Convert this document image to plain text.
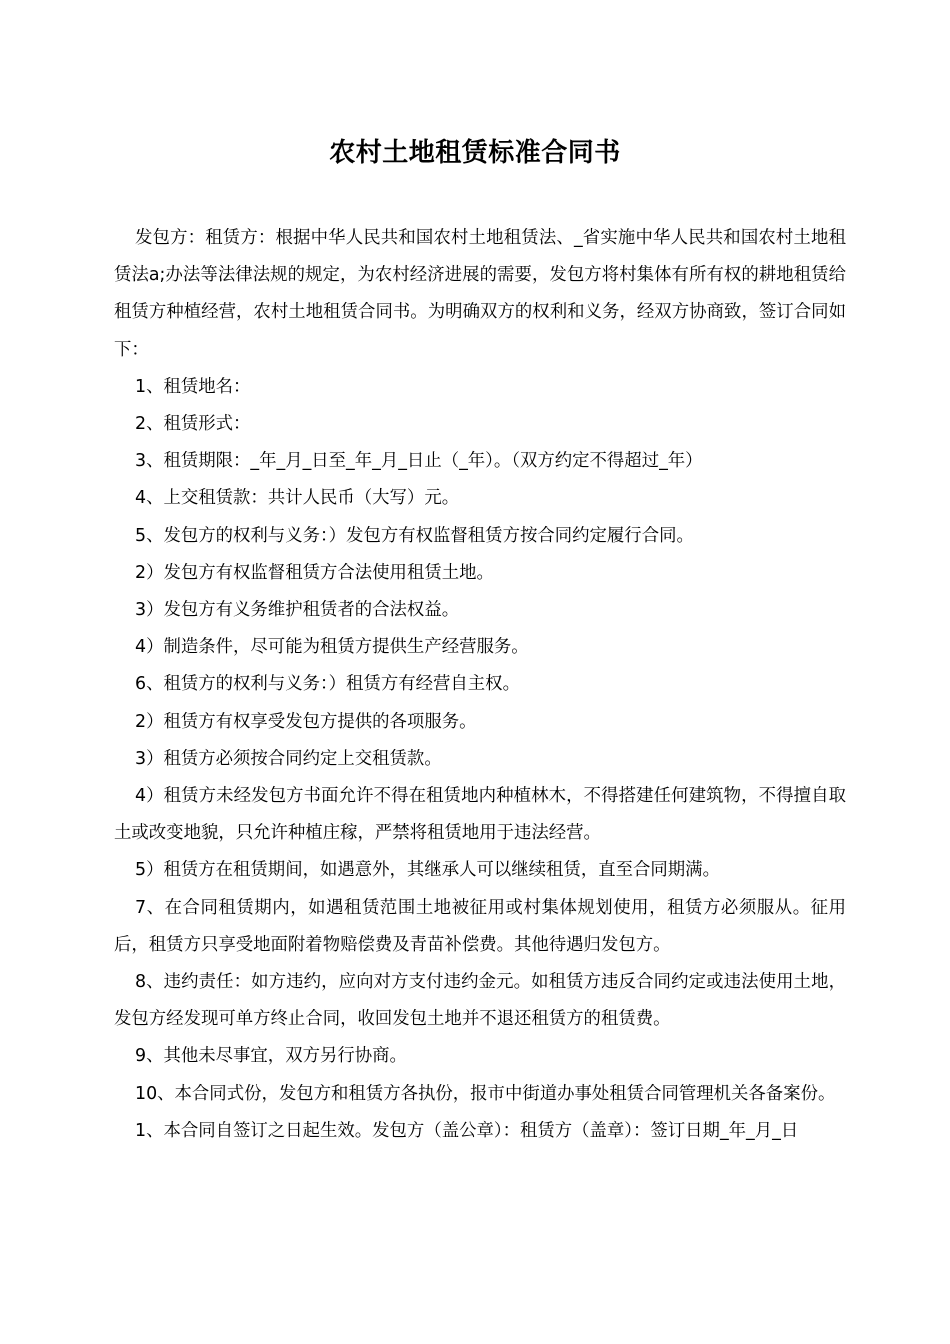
农村土地租赁标准合同书

发包方：租赁方：根据中华人民共和国农村土地租赁法、_省实施中华人民共和国农村土地租赁法a;办法等法律法规的规定，为农村经济进展的需要，发包方将村集体有所有权的耕地租赁给租赁方种植经营，农村土地租赁合同书。为明确双方的权利和义务，经双方协商致，签订合同如下：

1、租赁地名：

2、租赁形式：

3、租赁期限：_年_月_日至_年_月_日止（_年）。（双方约定不得超过_年）

4、上交租赁款：共计人民币（大写）元。

5、发包方的权利与义务：）发包方有权监督租赁方按合同约定履行合同。

2）发包方有权监督租赁方合法使用租赁土地。

3）发包方有义务维护租赁者的合法权益。

4）制造条件，尽可能为租赁方提供生产经营服务。

6、租赁方的权利与义务：）租赁方有经营自主权。

2）租赁方有权享受发包方提供的各项服务。

3）租赁方必须按合同约定上交租赁款。

4）租赁方未经发包方书面允许不得在租赁地内种植林木，不得搭建任何建筑物，不得擅自取土或改变地貌，只允许种植庄稼，严禁将租赁地用于违法经营。

5）租赁方在租赁期间，如遇意外，其继承人可以继续租赁，直至合同期满。

7、在合同租赁期内，如遇租赁范围土地被征用或村集体规划使用，租赁方必须服从。征用后，租赁方只享受地面附着物赔偿费及青苗补偿费。其他待遇归发包方。

8、违约责任：如方违约，应向对方支付违约金元。如租赁方违反合同约定或违法使用土地，发包方经发现可单方终止合同，收回发包土地并不退还租赁方的租赁费。

9、其他未尽事宜，双方另行协商。

10、本合同式份，发包方和租赁方各执份，报市中街道办事处租赁合同管理机关各备案份。

1、本合同自签订之日起生效。发包方（盖公章）：租赁方（盖章）：签订日期_年_月_日
